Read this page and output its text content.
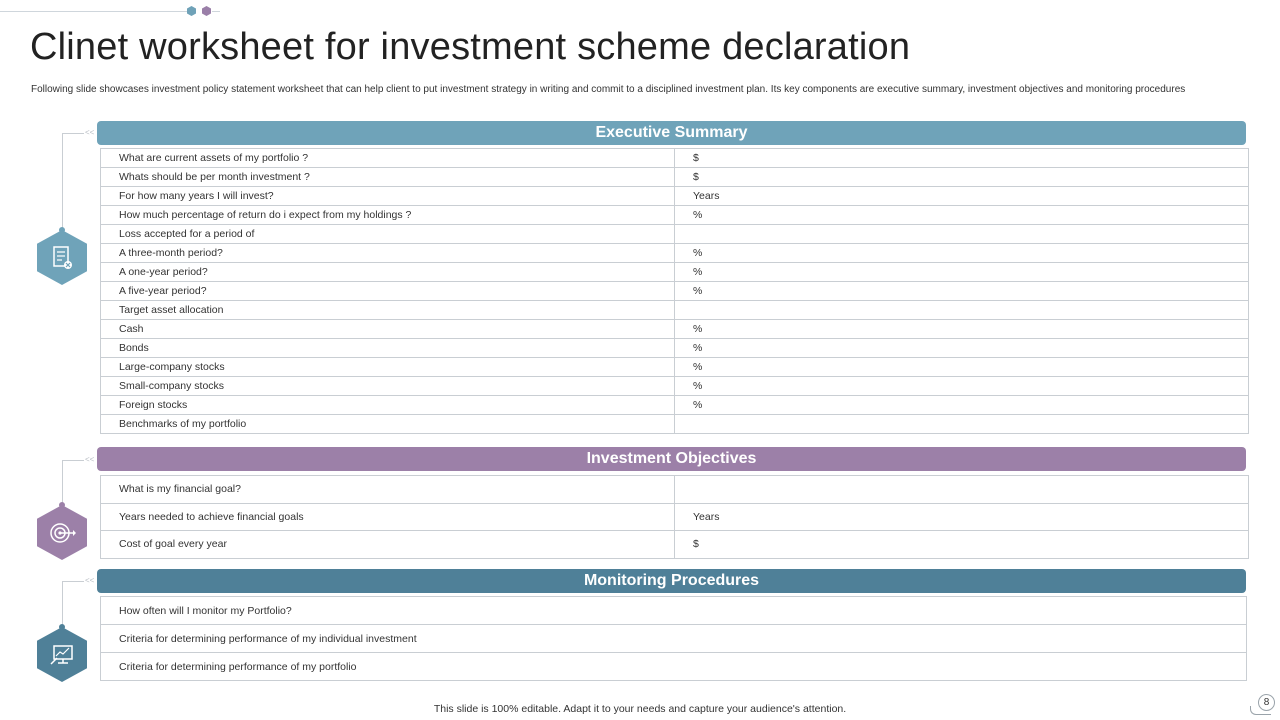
Clinet worksheet for investment scheme declaration

Following slide showcases investment policy statement worksheet that can help client to put investment strategy in writing and commit to a disciplined investment plan. Its key components are executive summary, investment objectives and monitoring procedures

<<
<<
<<
Executive Summary
What are current assets of my portfolio ?	$
Whats should be per month investment ?	$
For how many years I will invest?	Years
How much percentage of return do i expect from my holdings ?	%
Loss accepted for a period of	
A three-month period?	%
A one-year period?	%
A five-year period?	%
Target asset allocation	
Cash	%
Bonds	%
Large-company stocks	%
Small-company stocks	%
Foreign stocks	%
Benchmarks of my portfolio	
Investment Objectives
What is my financial goal?	
Years needed to achieve financial goals	Years
Cost of goal every year	$
Monitoring Procedures
How often will I monitor my Portfolio?
Criteria for determining performance of my individual investment
Criteria for determining performance of my portfolio
This slide is 100% editable. Adapt it to your needs and capture your audience's attention.
8
